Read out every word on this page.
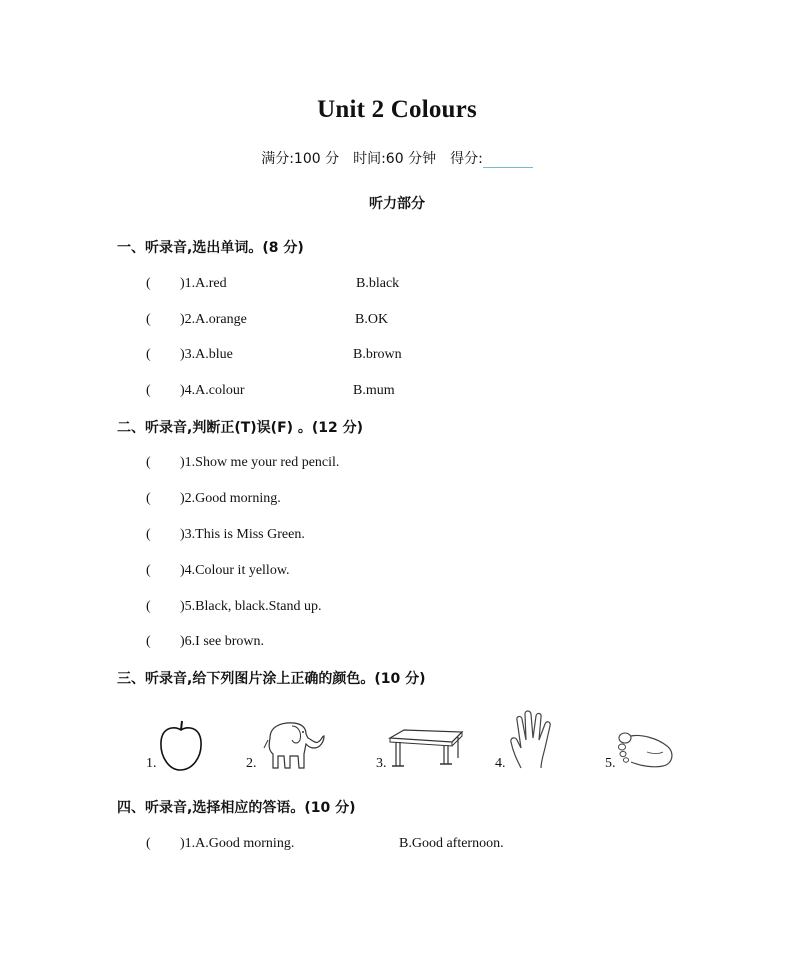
Unit 2 Colours
满分:100 分 时间:60 分钟 得分:
听力部分
一、听录音,选出单词。(8 分)
( )1.A.red	B.black
( )2.A.orange	B.OK
( )3.A.blue	B.brown
( )4.A.colour	B.mum
二、听录音,判断正(T)误(F) 。(12 分)
( )1.Show me your red pencil.
( )2.Good morning.
( )3.This is Miss Green.
( )4.Colour it yellow.
( )5.Black, black.Stand up.
( )6.I see brown.
三、听录音,给下列图片涂上正确的颜色。(10 分)
1.	2.	3.	4.	5.
四、听录音,选择相应的答语。(10 分)
( )1.A.Good morning.	B.Good afternoon.
